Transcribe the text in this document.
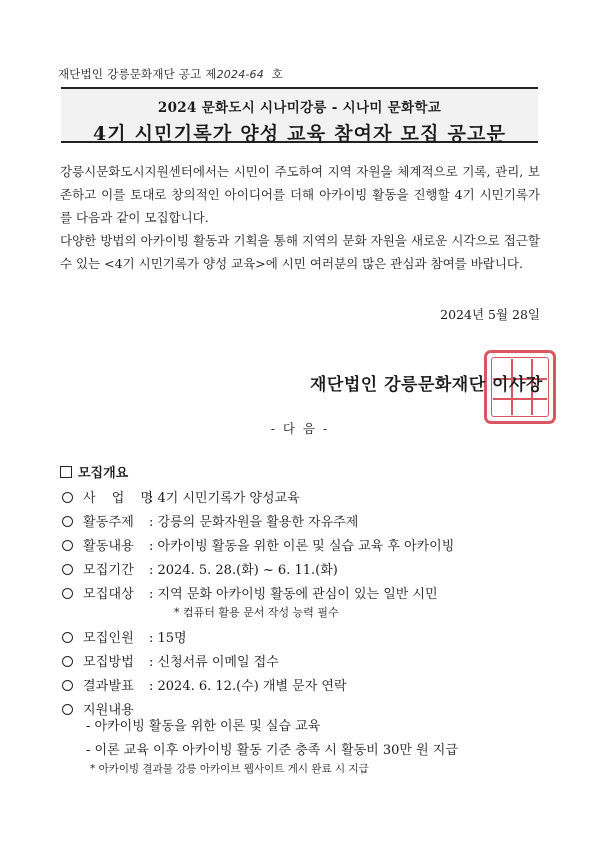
재단법인 강릉문화재단 공고 제2024-64 호
2024 문화도시 시나미강릉 - 시나미 문화학교
4기 시민기록가 양성 교육 참여자 모집 공고문
강릉시문화도시지원센터에서는 시민이 주도하여 지역 자원을 체계적으로 기록, 관리, 보존하고 이를 토대로 창의적인 아이디어를 더해 아카이빙 활동을 진행할 4기 시민기록가를 다음과 같이 모집합니다.
다양한 방법의 아카이빙 활동과 기획을 통해 지역의 문화 자원을 새로운 시각으로 접근할 수 있는 <4기 시민기록가 양성 교육>에 시민 여러분의 많은 관심과 참여를 바랍니다.
2024년 5월 28일
재단법인 강릉문화재단 이사장
- 다 음 -
모집개요
사 업 명: 4기 시민기록가 양성교육
활동주제 : 강릉의 문화자원을 활용한 자유주제
활동내용 : 아카이빙 활동을 위한 이론 및 실습 교육 후 아카이빙
모집기간 : 2024. 5. 28.(화) ~ 6. 11.(화)
모집대상 : 지역 문화 아카이빙 활동에 관심이 있는 일반 시민
* 컴퓨터 활용 문서 작성 능력 필수
모집인원 : 15명
모집방법 : 신청서류 이메일 접수
결과발표 : 2024. 6. 12.(수) 개별 문자 연락
지원내용
- 아카이빙 활동을 위한 이론 및 실습 교육
- 이론 교육 이후 아카이빙 활동 기준 충족 시 활동비 30만 원 지급
* 아카이빙 결과물 강릉 아카이브 웹사이트 게시 완료 시 지급
